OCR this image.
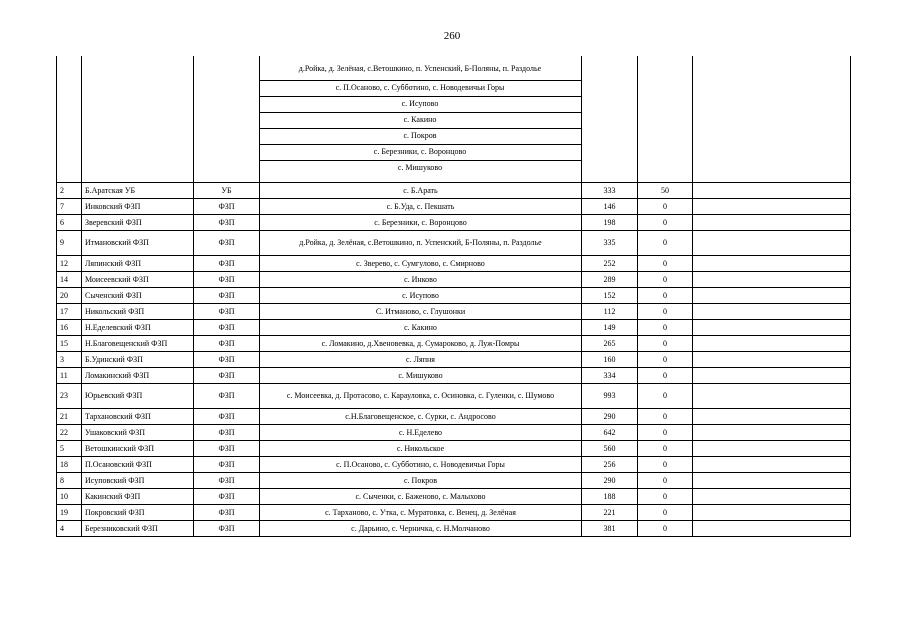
260
д.Ройка, д. Зелёная, с.Ветошкино, п. Успенский, Б-Поляны, п. Раздолье
с. П.Осаново, с. Субботино, с. Новодевичьи Горы
с. Исупово
с. Какино
с. Покров
с. Березники, с. Воронцово
с. Мишуково
2	Б.Аратская УБ	УБ	с. Б.Арать	333	50	
7	Инковский ФЗП	ФЗП	с. Б.Уда, с. Пекшать	146	0	
6	Зверевский ФЗП	ФЗП	с. Березники, с. Воронцово	198	0	
9	Итмановский ФЗП	ФЗП	д.Ройка, д. Зелёная, с.Ветошкино, п. Успенский, Б-Поляны, п. Раздолье	335	0	
12	Ляпинский ФЗП	ФЗП	с. Зверево, с. Сумгулово, с. Смирново	252	0	
14	Моисеевский ФЗП	ФЗП	с. Инково	289	0	
20	Сыченский ФЗП	ФЗП	с. Исупово	152	0	
17	Никольский ФЗП	ФЗП	С. Итманово, с. Глушонки	112	0	
16	Н.Еделевский ФЗП	ФЗП	с. Какино	149	0	
15	Н.Благовещенский ФЗП	ФЗП	с. Ломакино, д.Хвеновевка, д. Сумароково, д. Луж-Помры	265	0	
3	Б.Удинский ФЗП	ФЗП	с. Ляпня	160	0	
11	Ломакинский ФЗП	ФЗП	с. Мишуково	334	0	
23	Юрьевский ФЗП	ФЗП	с. Моисеевка, д. Протасово, с. Карауловка, с. Осиновка, с. Гуленки, с. Шумово	993	0	
21	Тархановский ФЗП	ФЗП	с.Н.Благовещенское, с. Сурки, с. Андросово	290	0	
22	Ушаковский ФЗП	ФЗП	с. Н.Еделево	642	0	
5	Ветошкинский ФЗП	ФЗП	с. Никольское	560	0	
18	П.Осановский ФЗП	ФЗП	с. П.Осаново, с. Субботино, с. Новодевичьи Горы	256	0	
8	Исуповский ФЗП	ФЗП	с. Покров	290	0	
10	Какинский ФЗП	ФЗП	с. Сыченки, с. Баженово, с. Малыхово	188	0	
19	Покровский ФЗП	ФЗП	с. Тарханово, с. Утка, с. Муратовка, с. Венец, д. Зелёная	221	0	
4	Березниковский ФЗП	ФЗП	с. Дарьино, с. Черничка, с. Н.Молчаново	381	0	
